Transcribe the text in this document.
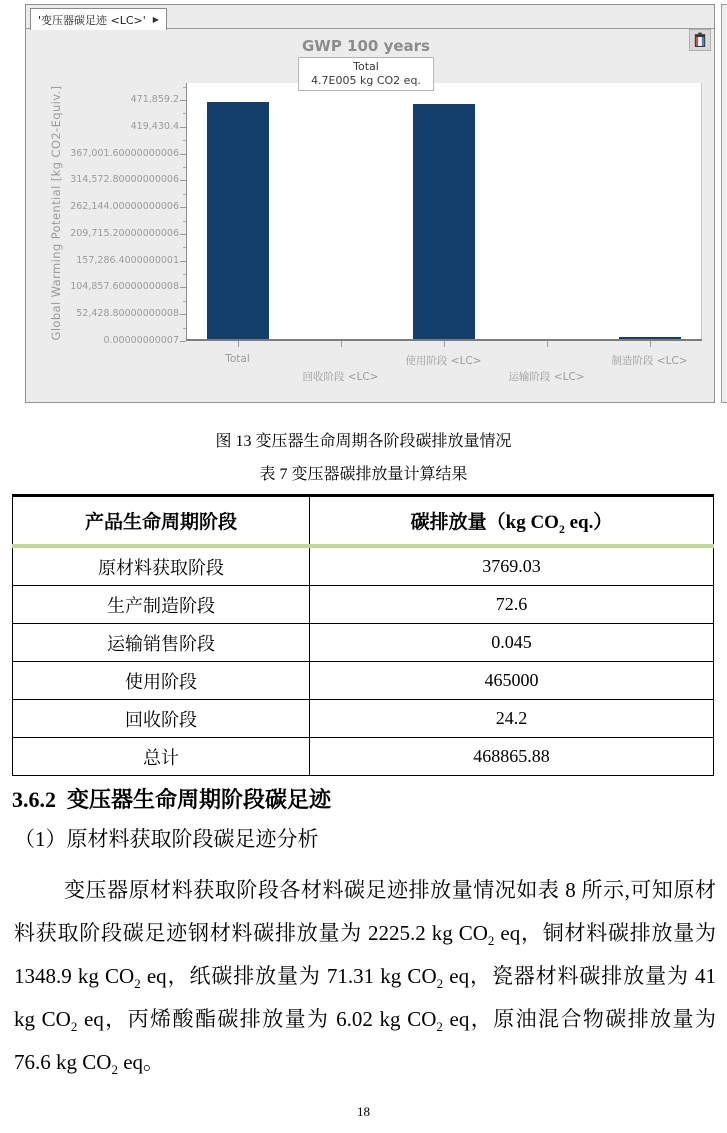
'变压器碳足迹 <LC>' ▶
GWP 100 years
Total
4.7E005 kg CO2 eq.
Global Warming Potential [kg CO2-Equiv.]	471,859.2
419,430.4
367,001.60000000006
314,572.80000000006
262,144.00000000006
209,715.20000000006
157,286.4000000001
104,857.60000000008
52,428.80000000008
0.00000000007
Total
回收阶段 <LC>
使用阶段 <LC>
运输阶段 <LC>
制造阶段 <LC>
图 13 变压器生命周期各阶段碳排放量情况
表 7 变压器碳排放量计算结果
产品生命周期阶段	碳排放量（kg $CO_2$ eq.）
原材料获取阶段	3769.03
生产制造阶段	72.6
运输销售阶段	0.045
使用阶段	465000
回收阶段	24.2
总计	468865.88
3.6.2  变压器生命周期阶段碳足迹
（1）原材料获取阶段碳足迹分析
变压器原材料获取阶段各材料碳足迹排放量情况如表 8 所示,可知原材料获取阶段碳足迹钢材料碳排放量为 2225.2 kg $CO_2$ eq，铜材料碳排放量为 1348.9 kg $CO_2$ eq，纸碳排放量为 71.31 kg $CO_2$ eq，瓷器材料碳排放量为 41 kg $CO_2$ eq，丙烯酸酯碳排放量为 6.02 kg $CO_2$ eq，原油混合物碳排放量为 76.6 kg $CO_2$ eq。
18
